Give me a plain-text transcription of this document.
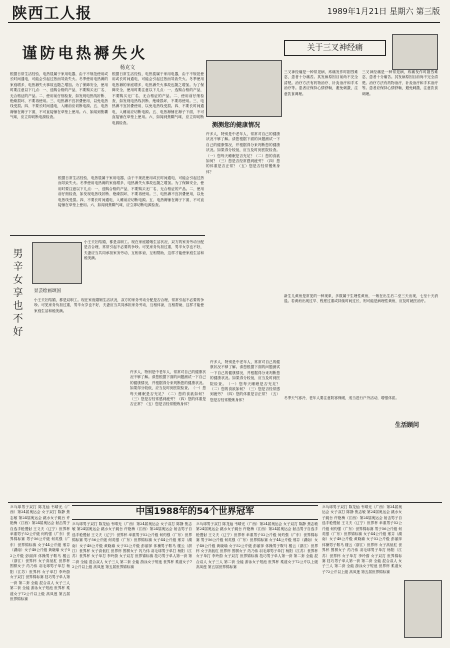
陕西工人报	1989年1月21日 星期六 第三版
谨防电热褥失火
杨克文
根据日常生活经验，电热毯属于家用电器，由于不规范使用或长时间通电，可能会引起过热而导致失火。冬季使用电热褥的家庭增多，电热褥失火事故也随之增加。为了保障安全，使用时要注意以下几点：一、选购合格的产品，不要购买无厂名、无合格证的产品。二、使用前仔细检查，如发现电热线折断、绝缘损坏，不要再使用。三、电热褥不宜折叠使用，以免电热线受损。四、不要长时间通电，入睡前应切断电源。五、电热褥铺在褥子下面，不可直接铺在草垫上使用。六、如闻到焦糊气味，应立即切断电源检查。
根据日常生活经验，电热毯属于家用电器，由于不规范使用或长时间通电，可能会引起过热而导致失火。冬季使用电热褥的家庭增多，电热褥失火事故也随之增加。为了保障安全，使用时要注意以下几点：一、选购合格的产品，不要购买无厂名、无合格证的产品。二、使用前仔细检查，如发现电热线折断、绝缘损坏，不要再使用。三、电热褥不宜折叠使用，以免电热线受损。四、不要长时间通电，入睡前应切断电源。五、电热褥铺在褥子下面，不可直接铺在草垫上使用。六、如闻到焦糊气味，应立即切断电源检查。
根据日常生活经验，电热毯属于家用电器，由于不规范使用或长时间通电，可能会引起过热而导致失火。冬季使用电热褥的家庭增多，电热褥失火事故也随之增加。为了保障安全，使用时要注意以下几点：一、选购合格的产品，不要购买无厂名、无合格证的产品。二、使用前仔细检查，如发现电热线折断、绝缘损坏，不要再使用。三、电热褥不宜折叠使用，以免电热线受损。四、不要长时间通电，入睡前应切断电源。五、电热褥铺在褥子下面，不可直接铺在草垫上使用。六、如闻到焦糊气味，应立即切断电源检查。
男辛女享也不好
显芸绘画颂国
小王夫妇结婚，都是双职工。现在家庭婚姻生活状况，双方的家务劳动分配是否合理，常常引起不必要的争吵。可见家务负担过重，男辛女享也不好，夫妻应当共同承担家务劳动，互相体谅，互相帮助，这样才能使家庭生活和睦美满。
小王夫妇结婚，都是双职工。现在家庭婚姻生活状况，双方的家务劳动分配是否合理，常常引起不必要的争吵。可见家务负担过重，男辛女享也不好，夫妻应当共同承担家务劳动，互相体谅，互相帮助，这样才能使家庭生活和睦美满。
测测您的健康情况
许多人，特别是中老年人，常常对自己的健康状况不够了解。请您根据下面的问题测试一下自己的健康情况，并根据得分来判断您的健康状况。如果得分较低，应当及时到医院检查。（一）您每天睡眠是否充足？（二）您的食欲如何？（三）您是否经常感到疲劳？（四）您的体重是否正常？（五）您是否经常锻炼身体？
许多人，特别是中老年人，常常对自己的健康状况不够了解。请您根据下面的问题测试一下自己的健康情况，并根据得分来判断您的健康状况。如果得分较低，应当及时到医院检查。（一）您每天睡眠是否充足？（二）您的食欲如何？（三）您是否经常感到疲劳？（四）您的体重是否正常？（五）您是否经常锻炼身体？
许多人，特别是中老年人，常常对自己的健康状况不够了解。请您根据下面的问题测试一下自己的健康情况，并根据得分来判断您的健康状况。如果得分较低，应当及时到医院检查。（一）您每天睡眠是否充足？（二）您的食欲如何？（三）您是否经常感到疲劳？（四）您的体重是否正常？（五）您是否经常锻炼身体？
关于三叉神经痛
三叉神经痛是一种常见病，疼痛发作时剧烈难忍，患者十分痛苦。其发病原因目前尚不完全清楚。治疗方法有药物治疗、针灸治疗和手术治疗等。患者应保持心情舒畅，避免刺激，注意饮食调理。
三叉神经痛是一种常见病，疼痛发作时剧烈难忍，患者十分痛苦。其发病原因目前尚不完全清楚。治疗方法有药物治疗、针灸治疗和手术治疗等。患者应保持心情舒畅，避免刺激，注意饮食调理。
新生儿黄疸是常见的一种现象，多数属于生理性黄疸，一般在出生后二至三天出现，七至十天消退。若黄疸出现过早、程度过重或持续时间过长，则可能是病理性黄疸，应及时就医治疗。
生活顾问
冬季天气寒冷，老年人要注意防寒保暖，适当进行户外活动，增强体质。
中国1988年的54个世界冠军
乒乓球男子双打 陈龙灿 韦晴光（广西）第24届奥运会 女子双打 陈静 焦志敏 第24届奥运会 跳水女子跳台 许艳梅（江西）第24届奥运会 射击男子自选手枪慢射 王义夫（辽宁）世界杯 举重男子52公斤级 何灼强（广东）世界锦标赛 男子56公斤级 何英强（广东）世界锦标赛 女子44公斤级 邢芬（湖南）女子48公斤级 黄晓瑜 女子52公斤级 彭丽萍 体操男子鞍马 楼云（浙江）世界杯 女子高低杠 世界杯 围棋女子 芮乃伟 羽毛球男子单打 杨阳（江苏）世界杯 女子单打 李玲蔚 女子双打 世界锦标赛 技巧男子单人第一套 第二套 全能 混合双人 女子三人 第二套 全能 游泳女子短池 世界杯 柔道女子72公斤以上级 高凤莲 第五届世界锦标赛
乒乓球男子双打 陈龙灿 韦晴光（广西）第24届奥运会 女子双打 陈静 焦志敏 第24届奥运会 跳水女子跳台 许艳梅（江西）第24届奥运会 射击男子自选手枪慢射 王义夫（辽宁）世界杯 举重男子52公斤级 何灼强（广东）世界锦标赛 男子56公斤级 何英强（广东）世界锦标赛 女子44公斤级 邢芬（湖南）女子48公斤级 黄晓瑜 女子52公斤级 彭丽萍 体操男子鞍马 楼云（浙江）世界杯 女子高低杠 世界杯 围棋女子 芮乃伟 羽毛球男子单打 杨阳（江苏）世界杯 女子单打 李玲蔚 女子双打 世界锦标赛 技巧男子单人第一套 第二套 全能 混合双人 女子三人 第二套 全能 游泳女子短池 世界杯 柔道女子72公斤以上级 高凤莲 第五届世界锦标赛
乒乓球男子双打 陈龙灿 韦晴光（广西）第24届奥运会 女子双打 陈静 焦志敏 第24届奥运会 跳水女子跳台 许艳梅（江西）第24届奥运会 射击男子自选手枪慢射 王义夫（辽宁）世界杯 举重男子52公斤级 何灼强（广东）世界锦标赛 男子56公斤级 何英强（广东）世界锦标赛 女子44公斤级 邢芬（湖南）女子48公斤级 黄晓瑜 女子52公斤级 彭丽萍 体操男子鞍马 楼云（浙江）世界杯 女子高低杠 世界杯 围棋女子 芮乃伟 羽毛球男子单打 杨阳（江苏）世界杯 女子单打 李玲蔚 女子双打 世界锦标赛 技巧男子单人第一套 第二套 全能 混合双人 女子三人 第二套 全能 游泳女子短池 世界杯 柔道女子72公斤以上级 高凤莲 第五届世界锦标赛
乒乓球男子双打 陈龙灿 韦晴光（广西）第24届奥运会 女子双打 陈静 焦志敏 第24届奥运会 跳水女子跳台 许艳梅（江西）第24届奥运会 射击男子自选手枪慢射 王义夫（辽宁）世界杯 举重男子52公斤级 何灼强（广东）世界锦标赛 男子56公斤级 何英强（广东）世界锦标赛 女子44公斤级 邢芬（湖南）女子48公斤级 黄晓瑜 女子52公斤级 彭丽萍 体操男子鞍马 楼云（浙江）世界杯 女子高低杠 世界杯 围棋女子 芮乃伟 羽毛球男子单打 杨阳（江苏）世界杯 女子单打 李玲蔚 女子双打 世界锦标赛 技巧男子单人第一套 第二套 全能 混合双人 女子三人 第二套 全能 游泳女子短池 世界杯 柔道女子72公斤以上级 高凤莲 第五届世界锦标赛
